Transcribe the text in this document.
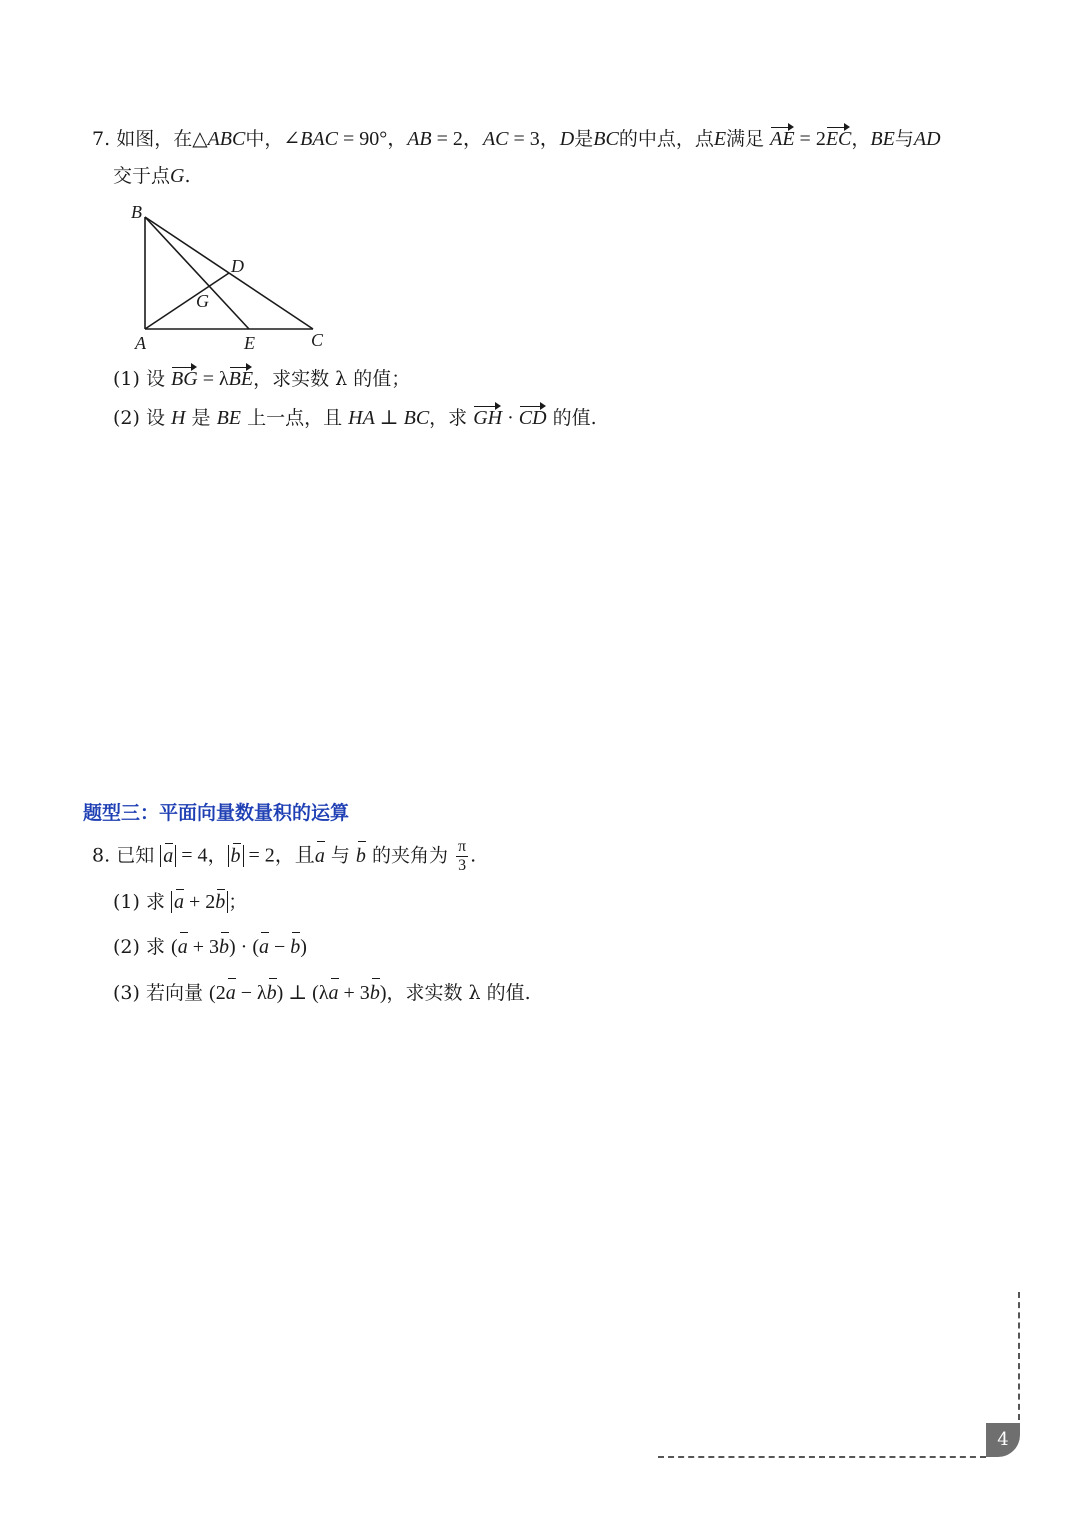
7. 如图，在△ABC中，∠BAC = 90°，AB = 2，AC = 3，D是BC的中点，点E满足 AE = 2EC，BE与AD
交于点G.
B
A	C
D
E
G
(1) 设 BG = λBE，求实数 λ 的值；
(2) 设 H 是 BE 上一点，且 HA ⊥ BC，求 GH · CD 的值.
题型三：平面向量数量积的运算
8. 已知 a = 4， b = 2，且a 与 b 的夹角为 $\frac{\pi}{3}$ .
(1) 求 a + 2b ；
(2) 求 (a + 3b) · (a − b)
(3) 若向量 (2a − λb) ⊥ (λa + 3b)，求实数 λ 的值.
4
